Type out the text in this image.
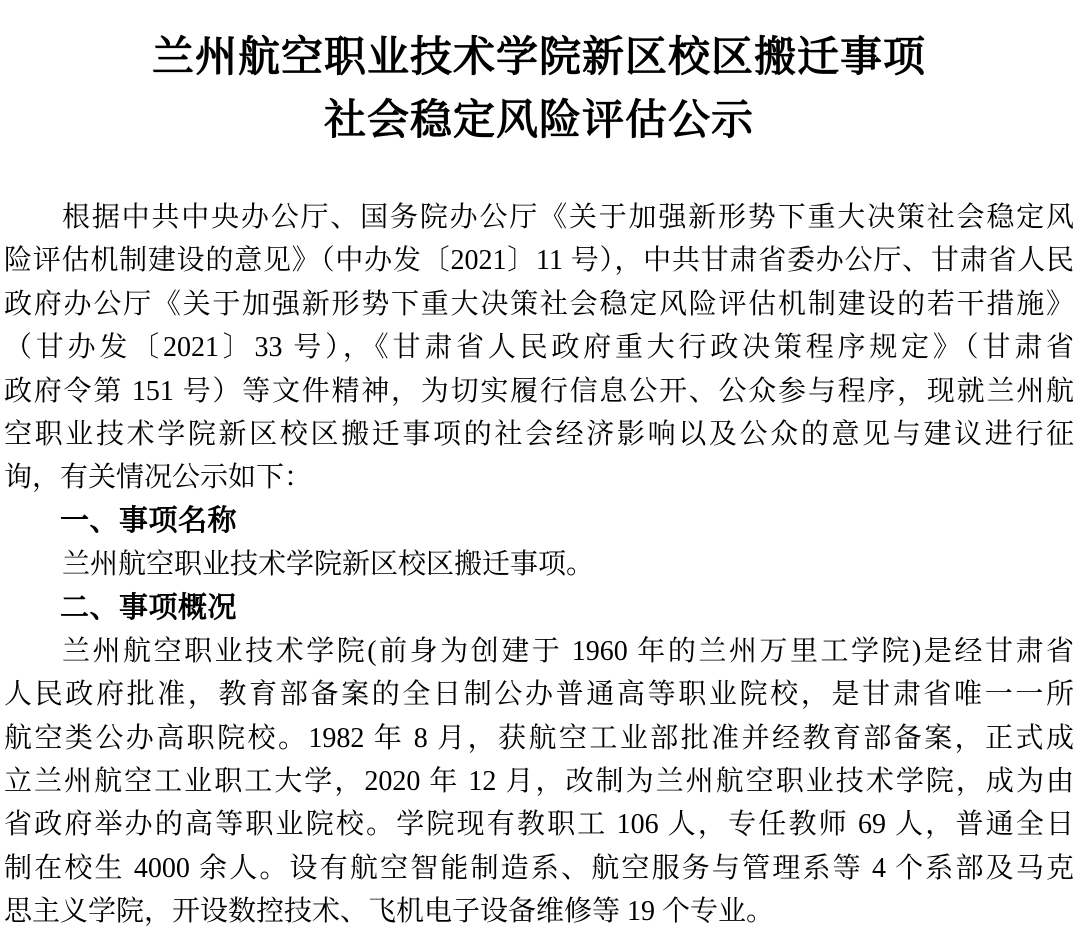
兰州航空职业技术学院新区校区搬迁事项
社会稳定风险评估公示
根据中共中央办公厅、国务院办公厅《关于加强新形势下重大决策社会稳定风
险评估机制建设的意见》（中办发〔2021〕11 号），中共甘肃省委办公厅、甘肃省人民
政府办公厅《关于加强新形势下重大决策社会稳定风险评估机制建设的若干措施》
（甘办发〔2021〕33 号），《甘肃省人民政府重大行政决策程序规定》（甘肃省
政府令第 151 号）等文件精神，为切实履行信息公开、公众参与程序，现就兰州航
空职业技术学院新区校区搬迁事项的社会经济影响以及公众的意见与建议进行征
询，有关情况公示如下：
一、事项名称
兰州航空职业技术学院新区校区搬迁事项。
二、事项概况
兰州航空职业技术学院(前身为创建于 1960 年的兰州万里工学院)是经甘肃省
人民政府批准，教育部备案的全日制公办普通高等职业院校，是甘肃省唯一一所
航空类公办高职院校。1982 年 8 月，获航空工业部批准并经教育部备案，正式成
立兰州航空工业职工大学，2020 年 12 月，改制为兰州航空职业技术学院，成为由
省政府举办的高等职业院校。学院现有教职工 106 人，专任教师 69 人，普通全日
制在校生 4000 余人。设有航空智能制造系、航空服务与管理系等 4 个系部及马克
思主义学院，开设数控技术、飞机电子设备维修等 19 个专业。
